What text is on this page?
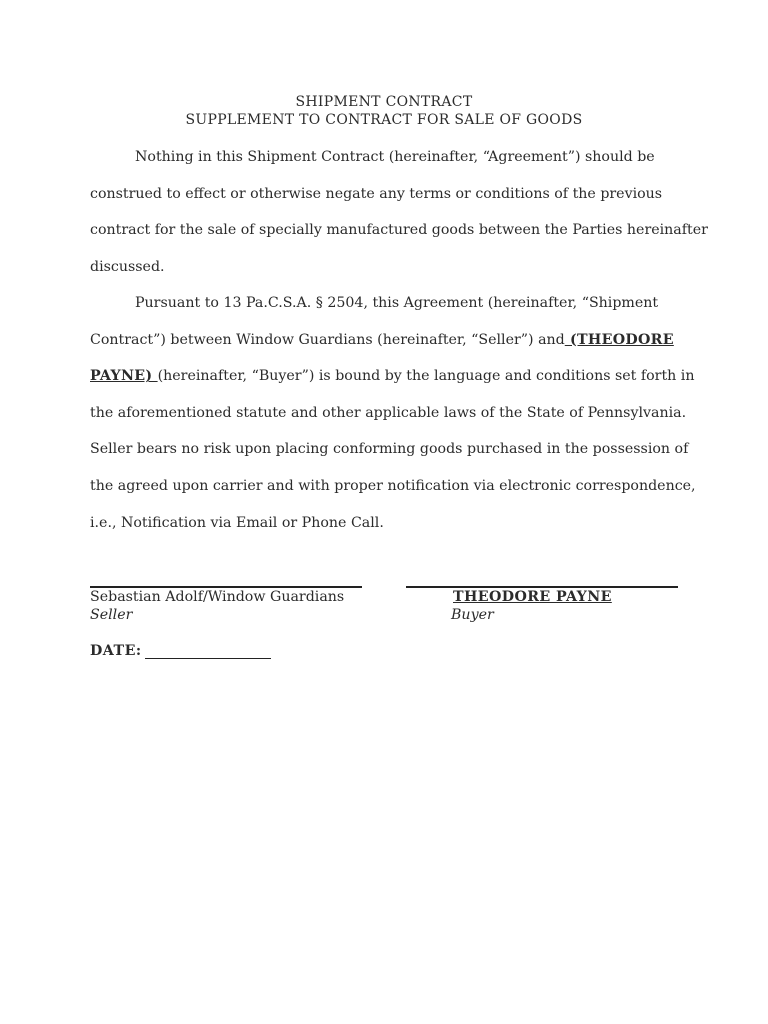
SHIPMENT CONTRACT
SUPPLEMENT TO CONTRACT FOR SALE OF GOODS
Nothing in this Shipment Contract (hereinafter, “Agreement”) should be
construed to effect or otherwise negate any terms or conditions of the previous
contract for the sale of specially manufactured goods between the Parties hereinafter
discussed.
Pursuant to 13 Pa.C.S.A. § 2504, this Agreement (hereinafter, “Shipment
Contract”) between Window Guardians (hereinafter, “Seller”) and (THEODORE
PAYNE) (hereinafter, “Buyer”) is bound by the language and conditions set forth in
the aforementioned statute and other applicable laws of the State of Pennsylvania.
Seller bears no risk upon placing conforming goods purchased in the possession of
the agreed upon carrier and with proper notification via electronic correspondence,
i.e., Notification via Email or Phone Call.
Sebastian Adolf/Window Guardians	THEODORE PAYNE
Seller	Buyer
DATE:
